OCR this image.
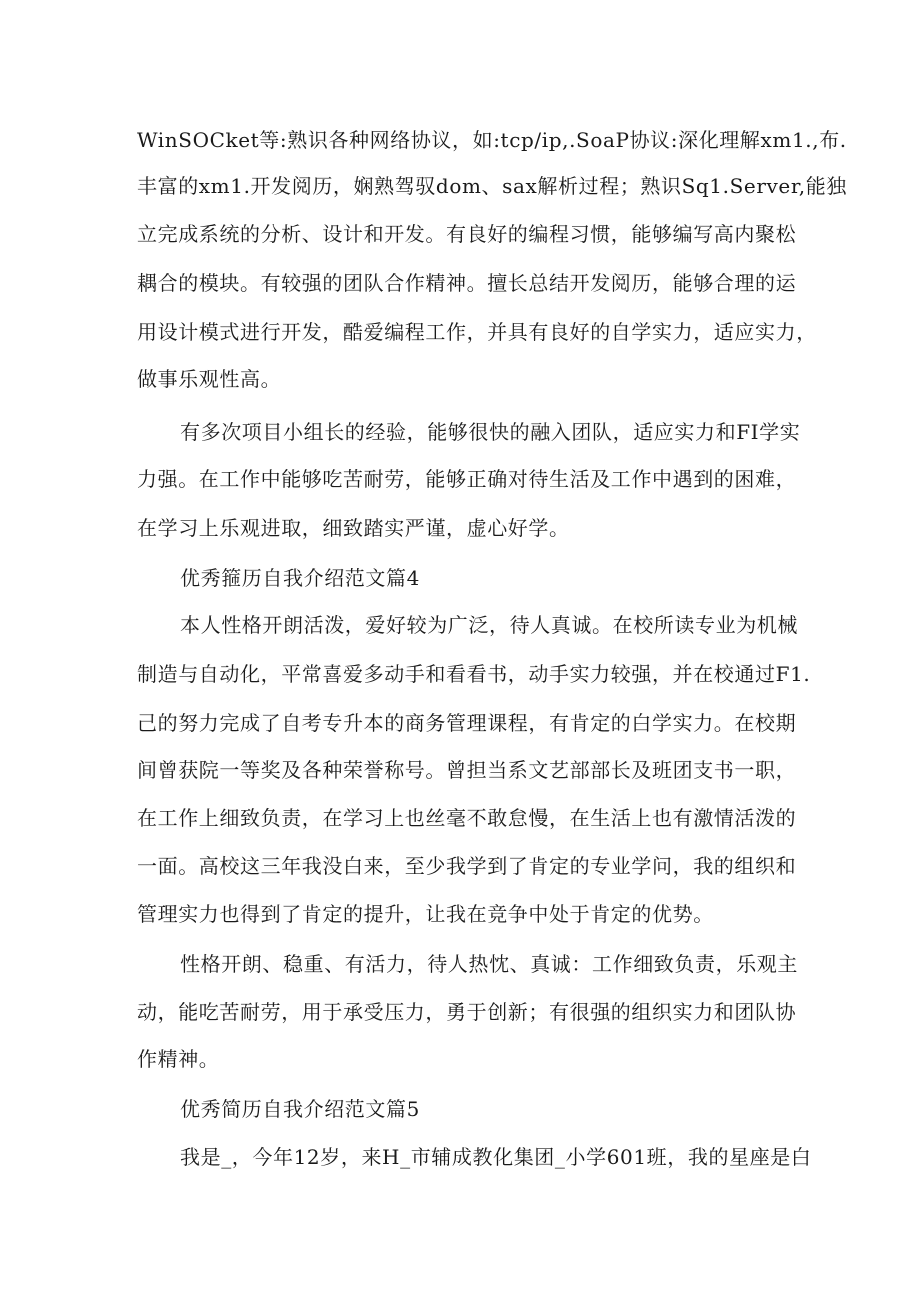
WinSOCket等:熟识各种网络协议，如:tcp/ip,.SoaP协议:深化理解xm1.,布.
丰富的xm1.开发阅历，娴熟驾驭dom、sax解析过程；熟识Sq1.Server,能独
立完成系统的分析、设计和开发。有良好的编程习惯，能够编写高内聚松
耦合的模块。有较强的团队合作精神。擅长总结开发阅历，能够合理的运
用设计模式进行开发，酷爱编程工作，并具有良好的自学实力，适应实力，
做事乐观性高。
有多次项目小组长的经验，能够很快的融入团队，适应实力和FI学实
力强。在工作中能够吃苦耐劳，能够正确对待生活及工作中遇到的困难，
在学习上乐观进取，细致踏实严谨，虚心好学。
优秀箍历自我介绍范文篇4
本人性格开朗活泼，爱好较为广泛，待人真诚。在校所读专业为机械
制造与自动化，平常喜爱多动手和看看书，动手实力较强，并在校通过F1.
己的努力完成了自考专升本的商务管理课程，有肯定的白学实力。在校期
间曾获院一等奖及各种荣誉称号。曾担当系文艺部部长及班团支书一职，
在工作上细致负责，在学习上也丝毫不敢怠慢，在生活上也有激情活泼的
一面。高校这三年我没白来，至少我学到了肯定的专业学问，我的组织和
管理实力也得到了肯定的提升，让我在竞争中处于肯定的优势。
性格开朗、稳重、有活力，待人热忱、真诚：工作细致负责，乐观主
动，能吃苦耐劳，用于承受压力，勇于创新；有很强的组织实力和团队协
作精神。
优秀简历自我介绍范文篇5
我是_，今年12岁，来H_市辅成教化集团_小学601班，我的星座是白
